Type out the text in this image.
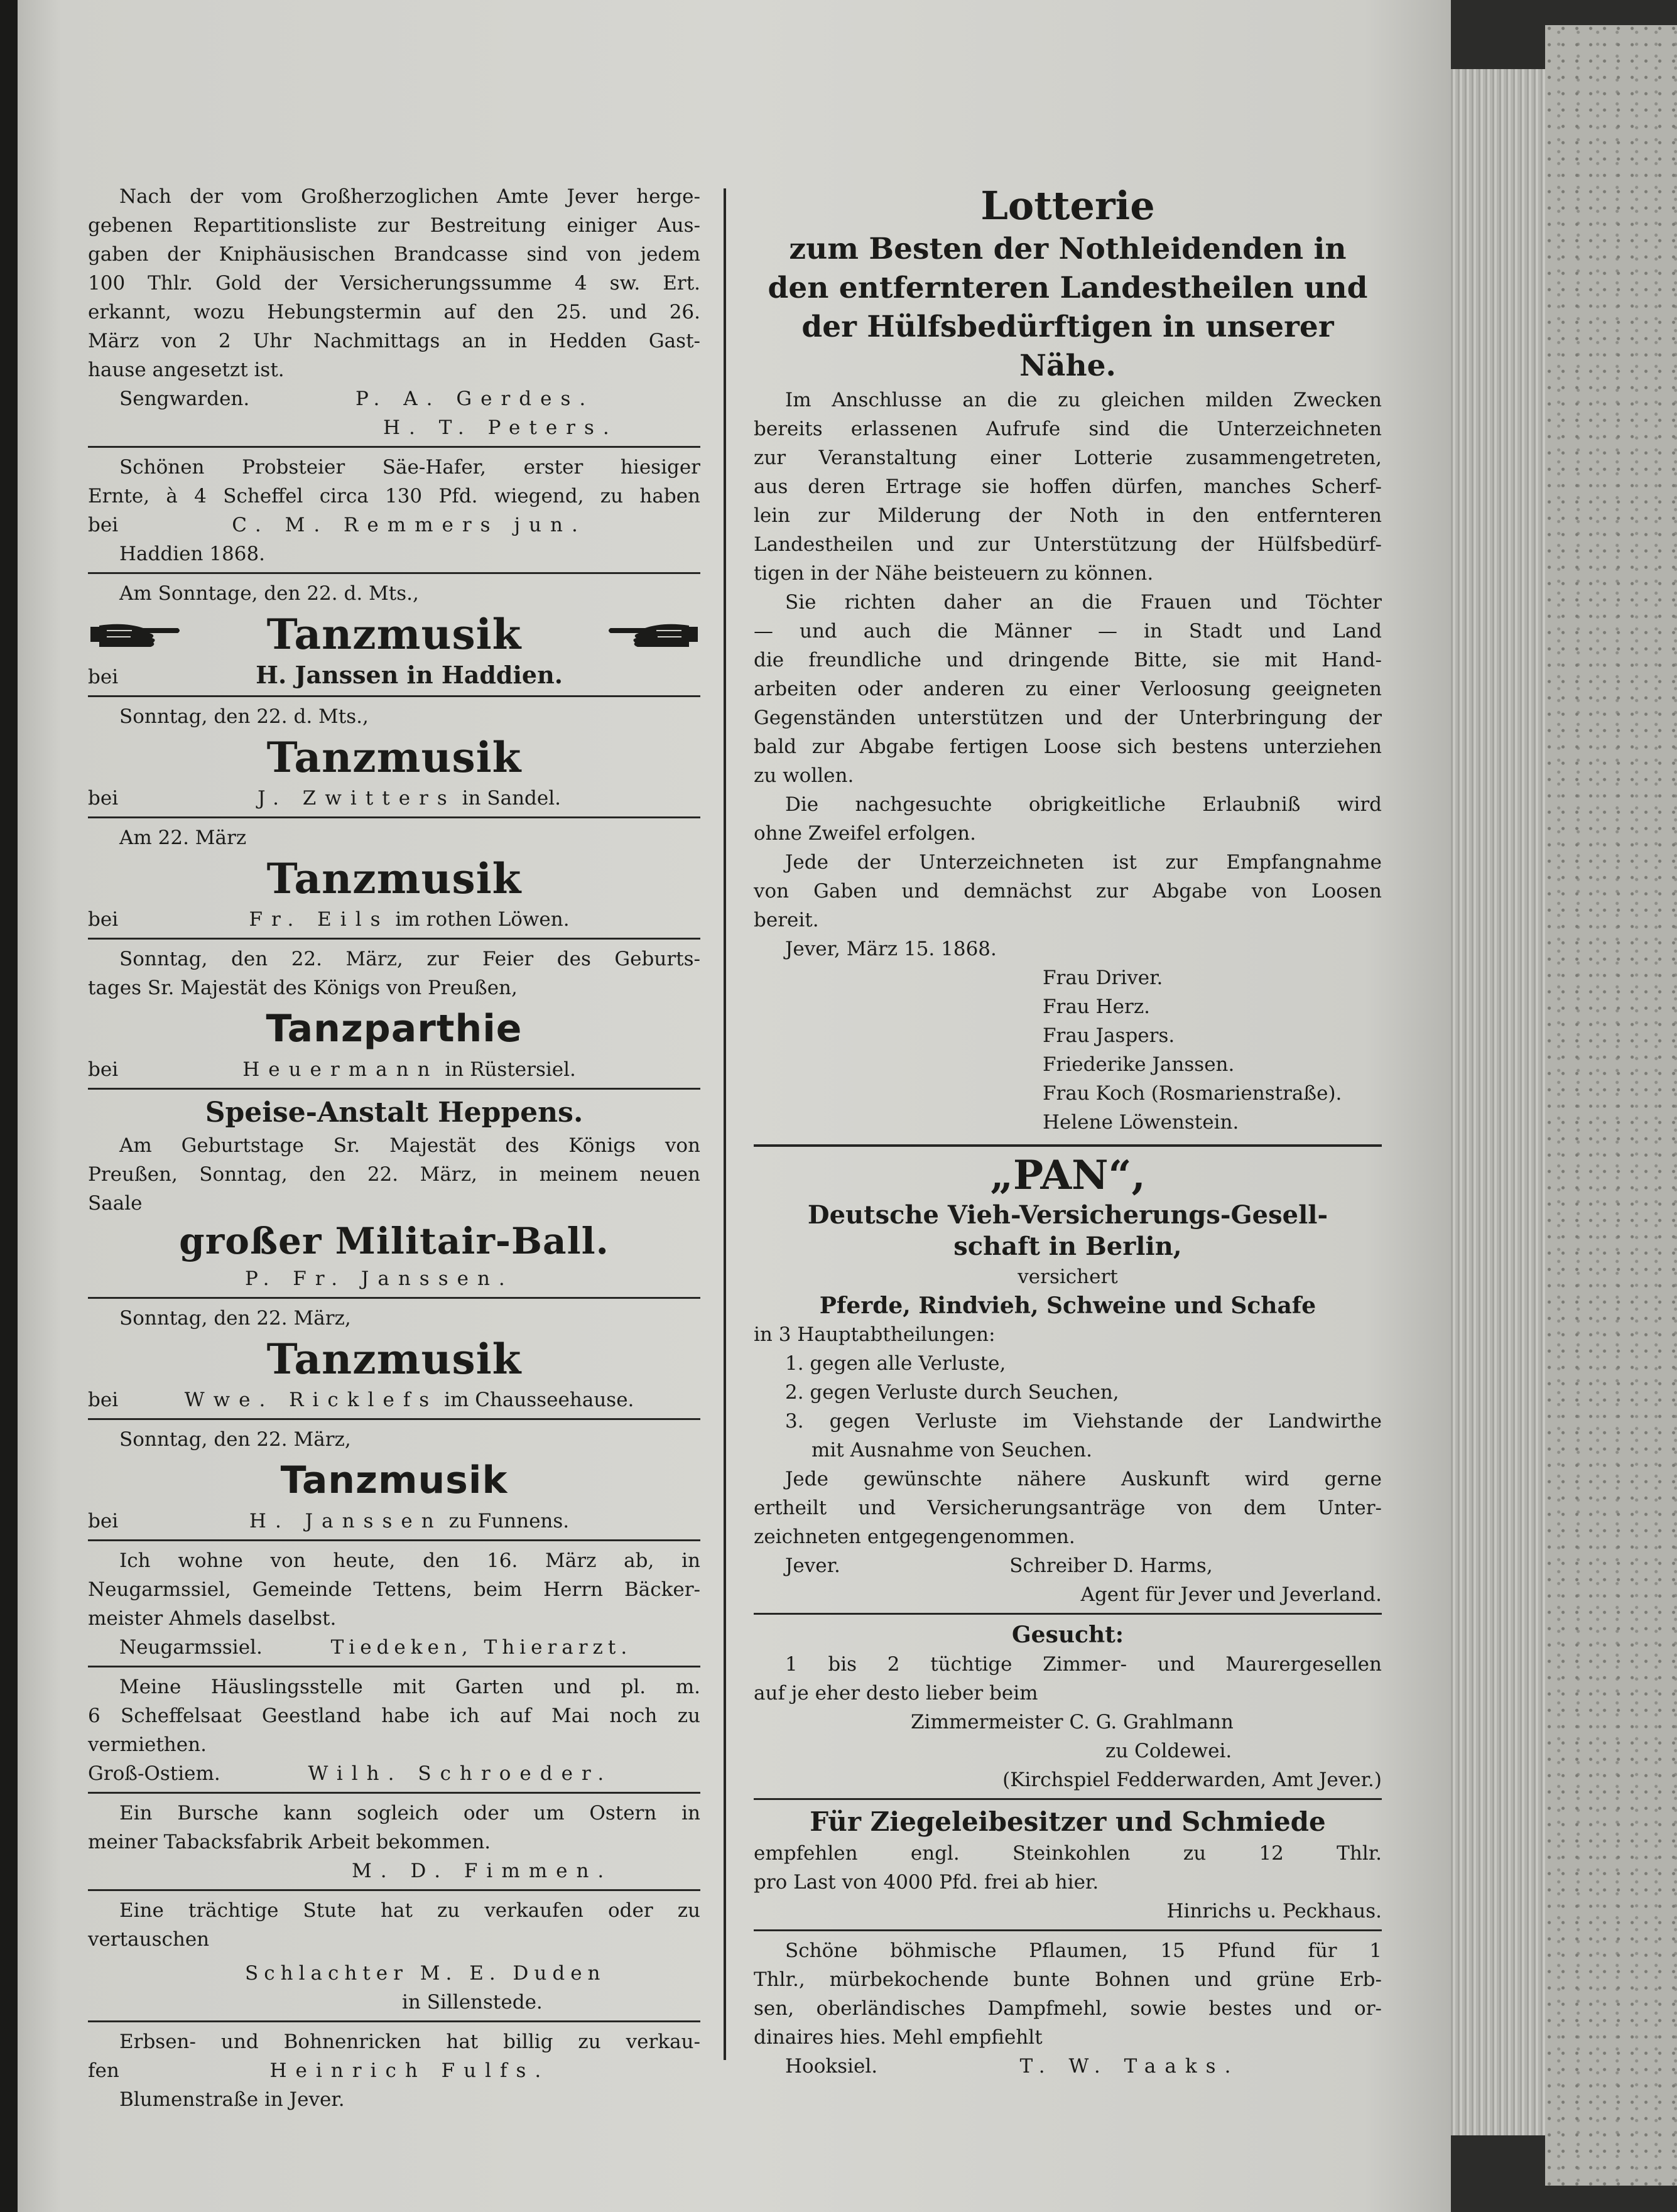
Nach der vom Großherzoglichen Amte Jever herge-
gebenen Repartitionsliste zur Bestreitung einiger Aus-
gaben der Kniphäusischen Brandcasse sind von jedem
100 Thlr. Gold der Versicherungssumme 4 sw. Ert.
erkannt, wozu Hebungstermin auf den 25. und 26.
März von 2 Uhr Nachmittags an in Hedden Gast-
hause angesetzt ist.
Sengwarden.	P. A. Gerdes.
H. T. Peters.
Schönen Probsteier Säe-Hafer, erster hiesiger
Ernte, à 4 Scheffel circa 130 Pfd. wiegend, zu haben
bei	C. M. Remmers jun.
Haddien 1868.
Am Sonntage, den 22. d. Mts.,
Tanzmusik
bei	H. Janssen in Haddien.
Sonntag, den 22. d. Mts.,
Tanzmusik
bei	J. Zwitters in Sandel.
Am 22. März
Tanzmusik
bei	Fr. Eils im rothen Löwen.
Sonntag, den 22. März, zur Feier des Geburts-
tages Sr. Majestät des Königs von Preußen,
Tanzparthie
bei	Heuermann in Rüstersiel.
Speise-Anstalt Heppens.
Am Geburtstage Sr. Majestät des Königs von
Preußen, Sonntag, den 22. März, in meinem neuen
Saale
großer Militair-Ball.
P. Fr. Janssen.
Sonntag, den 22. März,
Tanzmusik
bei	Wwe. Ricklefs im Chausseehause.
Sonntag, den 22. März,
Tanzmusik
bei	H. Janssen zu Funnens.
Ich wohne von heute, den 16. März ab, in
Neugarmssiel, Gemeinde Tettens, beim Herrn Bäcker-
meister Ahmels daselbst.
Neugarmssiel.	Tiedeken, Thierarzt.
Meine Häuslingsstelle mit Garten und pl. m.
6 Scheffelsaat Geestland habe ich auf Mai noch zu
vermiethen.
Groß-Ostiem.	Wilh. Schroeder.
Ein Bursche kann sogleich oder um Ostern in
meiner Tabacksfabrik Arbeit bekommen.
M. D. Fimmen.
Eine trächtige Stute hat zu verkaufen oder zu
vertauschen
Schlachter M. E. Duden
in Sillenstede.
Erbsen- und Bohnenricken hat billig zu verkau-
fen	Heinrich Fulfs.
Blumenstraße in Jever.
Lotterie
zum Besten der Nothleidenden in
den entfernteren Landestheilen und
der Hülfsbedürftigen in unserer
Nähe.
Im Anschlusse an die zu gleichen milden Zwecken
bereits erlassenen Aufrufe sind die Unterzeichneten
zur Veranstaltung einer Lotterie zusammengetreten,
aus deren Ertrage sie hoffen dürfen, manches Scherf-
lein zur Milderung der Noth in den entfernteren
Landestheilen und zur Unterstützung der Hülfsbedürf-
tigen in der Nähe beisteuern zu können.
Sie richten daher an die Frauen und Töchter
— und auch die Männer — in Stadt und Land
die freundliche und dringende Bitte, sie mit Hand-
arbeiten oder anderen zu einer Verloosung geeigneten
Gegenständen unterstützen und der Unterbringung der
bald zur Abgabe fertigen Loose sich bestens unterziehen
zu wollen.
Die nachgesuchte obrigkeitliche Erlaubniß wird
ohne Zweifel erfolgen.
Jede der Unterzeichneten ist zur Empfangnahme
von Gaben und demnächst zur Abgabe von Loosen
bereit.
Jever, März 15. 1868.
Frau Driver.
Frau Herz.
Frau Jaspers.
Friederike Janssen.
Frau Koch (Rosmarienstraße).
Helene Löwenstein.
„PAN“,
Deutsche Vieh-Versicherungs-Gesell-
schaft in Berlin,
versichert
Pferde, Rindvieh, Schweine und Schafe
in 3 Hauptabtheilungen:
1. gegen alle Verluste,
2. gegen Verluste durch Seuchen,
3. gegen Verluste im Viehstande der Landwirthe
mit Ausnahme von Seuchen.
Jede gewünschte nähere Auskunft wird gerne
ertheilt und Versicherungsanträge von dem Unter-
zeichneten entgegengenommen.
Jever.	Schreiber D. Harms,
Agent für Jever und Jeverland.
Gesucht:
1 bis 2 tüchtige Zimmer- und Maurergesellen
auf je eher desto lieber beim
Zimmermeister C. G. Grahlmann
zu Coldewei.
(Kirchspiel Fedderwarden, Amt Jever.)
Für Ziegeleibesitzer und Schmiede
empfehlen engl. Steinkohlen zu 12 Thlr.
pro Last von 4000 Pfd. frei ab hier.
Hinrichs u. Peckhaus.
Schöne böhmische Pflaumen, 15 Pfund für 1
Thlr., mürbekochende bunte Bohnen und grüne Erb-
sen, oberländisches Dampfmehl, sowie bestes und or-
dinaires hies. Mehl empfiehlt
Hooksiel.	T. W. Taaks.
